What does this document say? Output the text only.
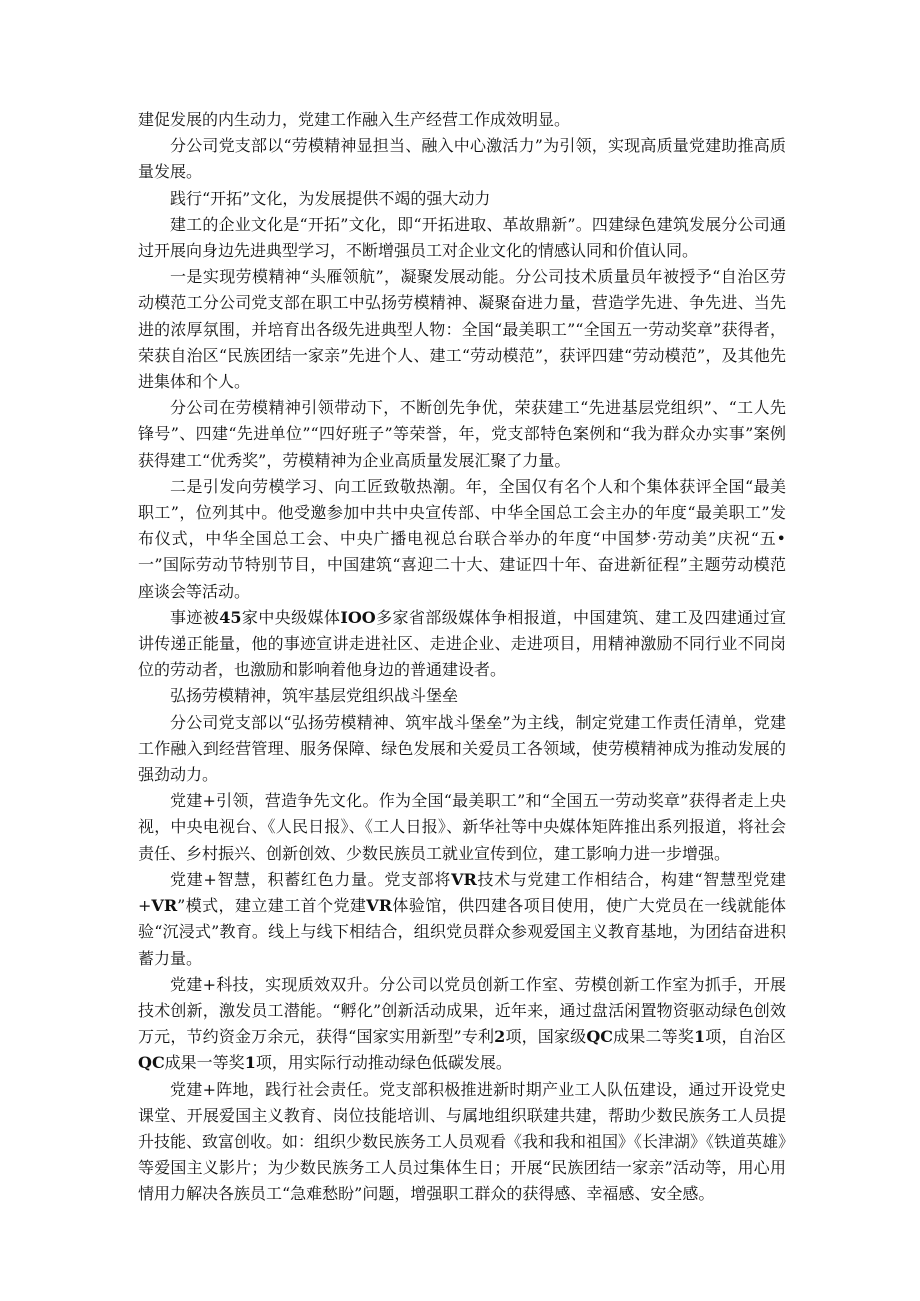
建促发展的内生动力，党建工作融入生产经营工作成效明显。

分公司党支部以“劳模精神显担当、融入中心激活力”为引领，实现高质量党建助推高质量发展。

践行“开拓”文化，为发展提供不竭的强大动力

建工的企业文化是“开拓”文化，即“开拓进取、革故鼎新”。四建绿色建筑发展分公司通过开展向身边先进典型学习，不断增强员工对企业文化的情感认同和价值认同。

一是实现劳模精神“头雁领航”，凝聚发展动能。分公司技术质量员年被授予“自治区劳动模范工分公司党支部在职工中弘扬劳模精神、凝聚奋进力量，营造学先进、争先进、当先进的浓厚氛围，并培育出各级先进典型人物：全国“最美职工”“全国五一劳动奖章”获得者，荣获自治区“民族团结一家亲”先进个人、建工“劳动模范”，获评四建“劳动模范”，及其他先进集体和个人。

分公司在劳模精神引领带动下，不断创先争优，荣获建工“先进基层党组织”、“工人先锋号”、四建“先进单位”“四好班子”等荣誉，年，党支部特色案例和“我为群众办实事”案例获得建工“优秀奖”，劳模精神为企业高质量发展汇聚了力量。

二是引发向劳模学习、向工匠致敬热潮。年，全国仅有名个人和个集体获评全国“最美职工”，位列其中。他受邀参加中共中央宣传部、中华全国总工会主办的年度“最美职工”发布仪式，中华全国总工会、中央广播电视总台联合举办的年度“中国梦·劳动美”庆祝“五•一”国际劳动节特别节目，中国建筑“喜迎二十大、建证四十年、奋进新征程”主题劳动模范座谈会等活动。

事迹被45家中央级媒体IOO多家省部级媒体争相报道，中国建筑、建工及四建通过宣讲传递正能量，他的事迹宣讲走进社区、走进企业、走进项目，用精神激励不同行业不同岗位的劳动者，也激励和影响着他身边的普通建设者。

弘扬劳模精神，筑牢基层党组织战斗堡垒

分公司党支部以“弘扬劳模精神、筑牢战斗堡垒”为主线，制定党建工作责任清单，党建工作融入到经营管理、服务保障、绿色发展和关爱员工各领域，使劳模精神成为推动发展的强劲动力。

党建+引领，营造争先文化。作为全国“最美职工”和“全国五一劳动奖章”获得者走上央视，中央电视台、《人民日报》、《工人日报》、新华社等中央媒体矩阵推出系列报道，将社会责任、乡村振兴、创新创效、少数民族员工就业宣传到位，建工影响力进一步增强。

党建+智慧，积蓄红色力量。党支部将VR技术与党建工作相结合，构建“智慧型党建+VR”模式，建立建工首个党建VR体验馆，供四建各项目使用，使广大党员在一线就能体验“沉浸式”教育。线上与线下相结合，组织党员群众参观爱国主义教育基地，为团结奋进积蓄力量。

党建+科技，实现质效双升。分公司以党员创新工作室、劳模创新工作室为抓手，开展技术创新，激发员工潜能。“孵化”创新活动成果，近年来，通过盘活闲置物资驱动绿色创效万元，节约资金万余元，获得“国家实用新型”专利2项，国家级QC成果二等奖1项，自治区QC成果一等奖1项，用实际行动推动绿色低碳发展。

党建+阵地，践行社会责任。党支部积极推进新时期产业工人队伍建设，通过开设党史课堂、开展爱国主义教育、岗位技能培训、与属地组织联建共建，帮助少数民族务工人员提升技能、致富创收。如：组织少数民族务工人员观看《我和我和祖国》《长津湖》《铁道英雄》等爱国主义影片；为少数民族务工人员过集体生日；开展“民族团结一家亲”活动等，用心用情用力解决各族员工“急难愁盼”问题，增强职工群众的获得感、幸福感、安全感。
